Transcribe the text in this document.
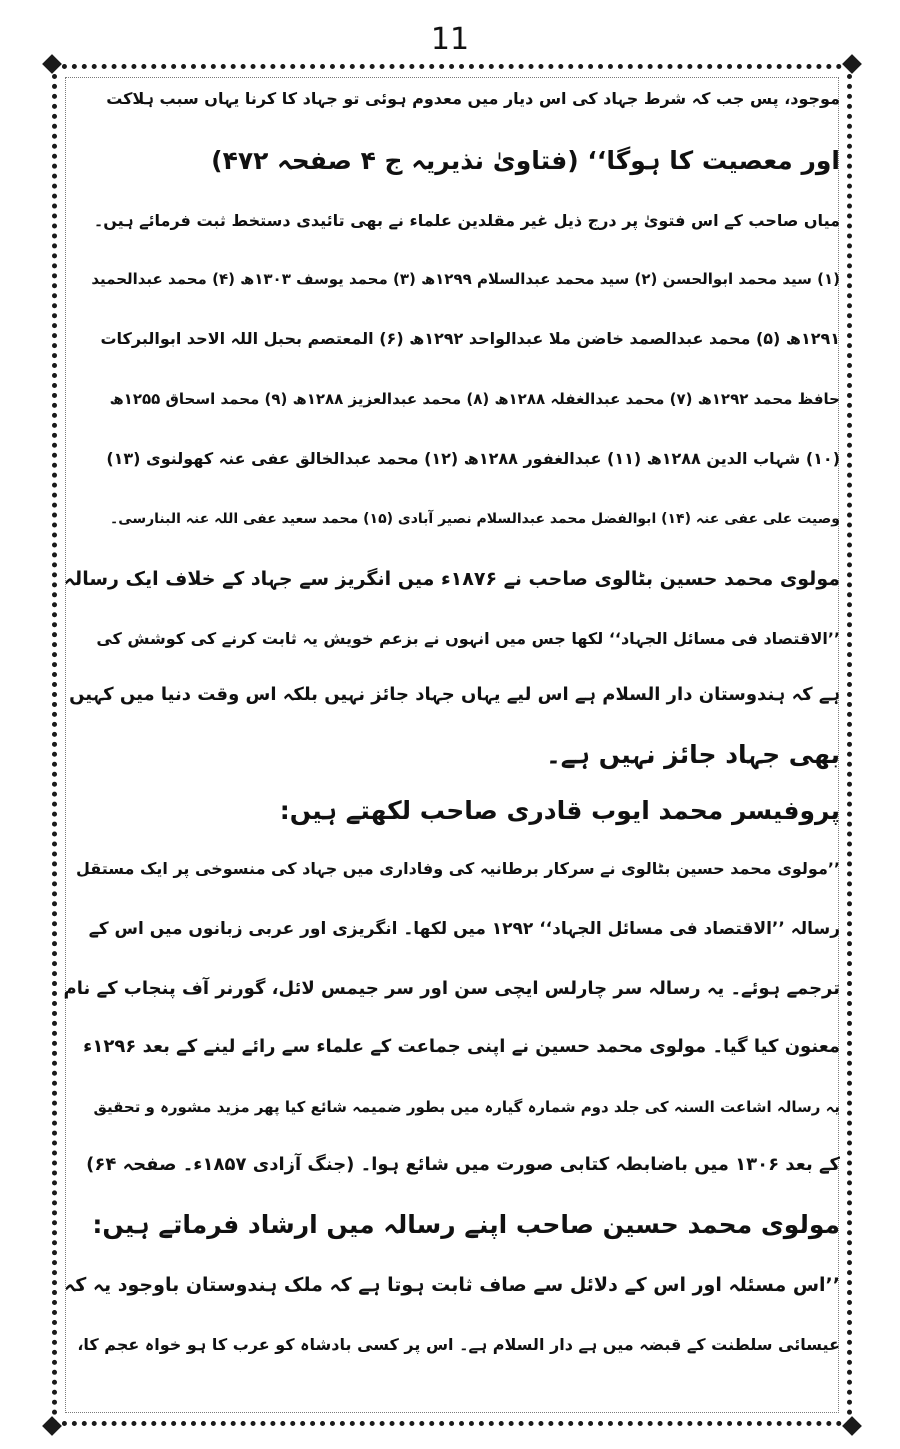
11
موجود، پس جب کہ شرط جہاد کی اس دیار میں معدوم ہوئی تو جہاد کا کرنا یہاں سبب ہلاکت
اور معصیت کا ہوگا‘‘ (فتاویٰ نذیریہ ج ۴ صفحہ ۴۷۲)
میاں صاحب کے اس فتویٰ پر درج ذیل غیر مقلدین علماء نے بھی تائیدی دستخط ثبت فرمائے ہیں۔
(۱) سید محمد ابوالحسن (۲) سید محمد عبدالسلام ۱۲۹۹ھ (۳) محمد یوسف ۱۳۰۳ھ (۴) محمد عبدالحمید
۱۲۹۱ھ (۵) محمد عبدالصمد خاضن ملا عبدالواحد ۱۲۹۲ھ (۶) المعتصم بحبل اللہ الاحد ابوالبرکات
حافظ محمد ۱۲۹۲ھ (۷) محمد عبدالغفلہ ۱۲۸۸ھ (۸) محمد عبدالعزیز ۱۲۸۸ھ (۹) محمد اسحاق ۱۲۵۵ھ
(۱۰) شہاب الدین ۱۲۸۸ھ (۱۱) عبدالغفور ۱۲۸۸ھ (۱۲) محمد عبدالخالق عفی عنہ کھولنوی (۱۳)
وصیت علی عفی عنہ (۱۴) ابوالفضل محمد عبدالسلام نصیر آبادی (۱۵) محمد سعید عفی اللہ عنہ البنارسی۔
مولوی محمد حسین بٹالوی صاحب نے ۱۸۷۶ء میں انگریز سے جہاد کے خلاف ایک رسالہ
’’الاقتصاد فی مسائل الجہاد‘‘ لکھا جس میں انہوں نے بزعم خویش یہ ثابت کرنے کی کوشش کی
ہے کہ ہندوستان دار السلام ہے اس لیے یہاں جہاد جائز نہیں بلکہ اس وقت دنیا میں کہیں
بھی جہاد جائز نہیں ہے۔
پروفیسر محمد ایوب قادری صاحب لکھتے ہیں:
’’مولوی محمد حسین بٹالوی نے سرکار برطانیہ کی وفاداری میں جہاد کی منسوخی پر ایک مستقل
رسالہ ’’الاقتصاد فی مسائل الجہاد‘‘ ۱۲۹۲ میں لکھا۔ انگریزی اور عربی زبانوں میں اس کے
ترجمے ہوئے۔ یہ رسالہ سر چارلس ایچی سن اور سر جیمس لائل، گورنر آف پنجاب کے نام
معنون کیا گیا۔ مولوی محمد حسین نے اپنی جماعت کے علماء سے رائے لینے کے بعد ۱۲۹۶ء
یہ رسالہ اشاعت السنہ کی جلد دوم شمارہ گیارہ میں بطور ضمیمہ شائع کیا پھر مزید مشورہ و تحقیق
کے بعد ۱۳۰۶ میں باضابطہ کتابی صورت میں شائع ہوا۔ (جنگ آزادی ۱۸۵۷ء۔ صفحہ ۶۴)
مولوی محمد حسین صاحب اپنے رسالہ میں ارشاد فرماتے ہیں:
’’اس مسئلہ اور اس کے دلائل سے صاف ثابت ہوتا ہے کہ ملک ہندوستان باوجود یہ کہ
عیسائی سلطنت کے قبضہ میں ہے دار السلام ہے۔ اس پر کسی بادشاہ کو عرب کا ہو خواہ عجم کا،
